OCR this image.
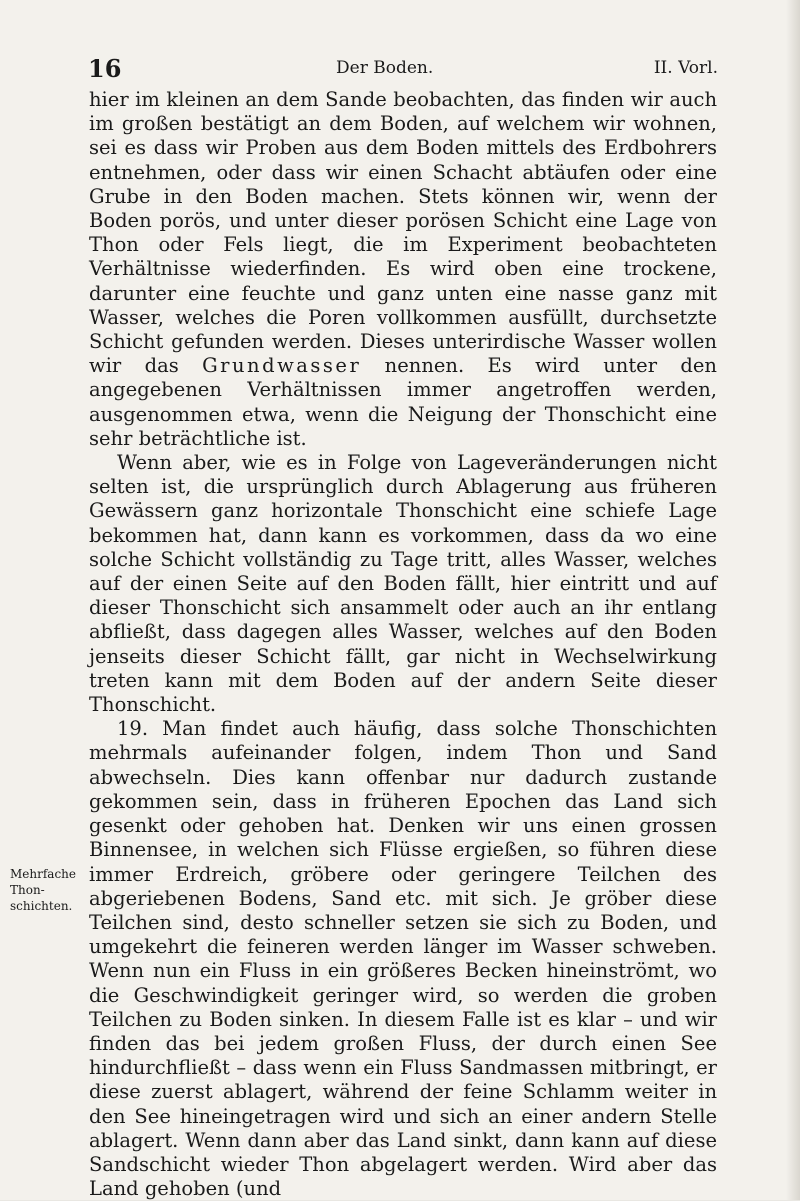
16	Der Boden.	II. Vorl.
Mehrfache
Thon-
schichten.

hier im kleinen an dem Sande beobachten, das finden wir auch im großen bestätigt an dem Boden, auf welchem wir wohnen, sei es dass wir Proben aus dem Boden mittels des Erdbohrers entnehmen, oder dass wir einen Schacht abtäufen oder eine Grube in den Boden machen. Stets können wir, wenn der Boden porös, und unter dieser porösen Schicht eine Lage von Thon oder Fels liegt, die im Experiment beobachteten Verhältnisse wiederfinden. Es wird oben eine trockene, darunter eine feuchte und ganz unten eine nasse ganz mit Wasser, welches die Poren vollkommen ausfüllt, durchsetzte Schicht gefunden werden. Dieses unterirdische Wasser wollen wir das Grundwasser nennen. Es wird unter den angegebenen Verhältnissen immer angetroffen werden, ausgenommen etwa, wenn die Neigung der Thonschicht eine sehr beträchtliche ist.

Wenn aber, wie es in Folge von Lageveränderungen nicht selten ist, die ursprünglich durch Ablagerung aus früheren Gewässern ganz horizontale Thonschicht eine schiefe Lage bekommen hat, dann kann es vorkommen, dass da wo eine solche Schicht vollständig zu Tage tritt, alles Wasser, welches auf der einen Seite auf den Boden fällt, hier eintritt und auf dieser Thonschicht sich ansammelt oder auch an ihr entlang abfließt, dass dagegen alles Wasser, welches auf den Boden jenseits dieser Schicht fällt, gar nicht in Wechselwirkung treten kann mit dem Boden auf der andern Seite dieser Thonschicht.

19. Man findet auch häufig, dass solche Thonschichten mehrmals aufeinander folgen, indem Thon und Sand abwechseln. Dies kann offenbar nur dadurch zustande gekommen sein, dass in früheren Epochen das Land sich gesenkt oder gehoben hat. Denken wir uns einen grossen Binnensee, in welchen sich Flüsse ergießen, so führen diese immer Erdreich, gröbere oder geringere Teilchen des abgeriebenen Bodens, Sand etc. mit sich. Je gröber diese Teilchen sind, desto schneller setzen sie sich zu Boden, und umgekehrt die feineren werden länger im Wasser schweben. Wenn nun ein Fluss in ein größeres Becken hineinströmt, wo die Geschwindigkeit geringer wird, so werden die groben Teilchen zu Boden sinken. In diesem Falle ist es klar – und wir finden das bei jedem großen Fluss, der durch einen See hindurchfließt – dass wenn ein Fluss Sandmassen mitbringt, er diese zuerst ablagert, während der feine Schlamm weiter in den See hineingetragen wird und sich an einer andern Stelle ablagert. Wenn dann aber das Land sinkt, dann kann auf diese Sandschicht wieder Thon abgelagert werden. Wird aber das Land gehoben (und
